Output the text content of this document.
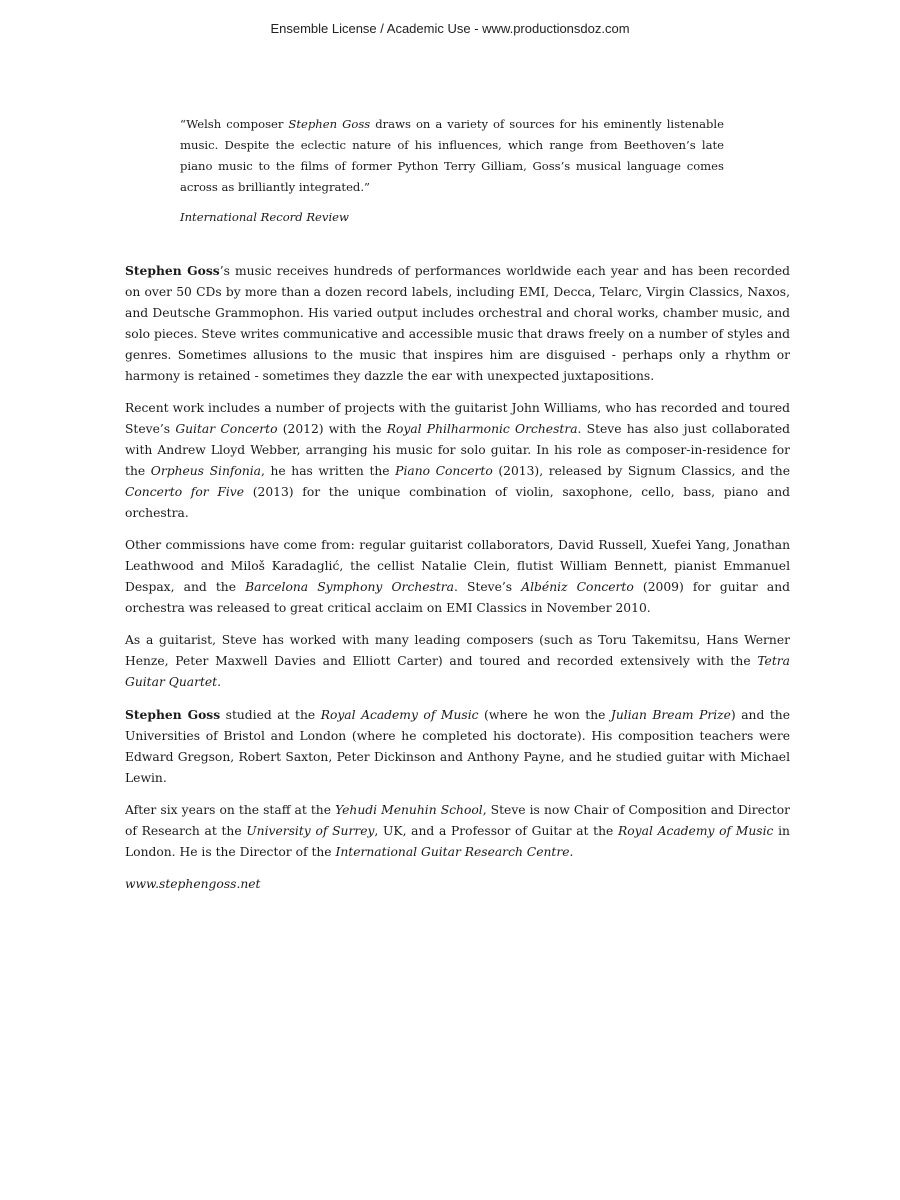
Ensemble License / Academic Use - www.productionsdoz.com

“Welsh composer Stephen Goss draws on a variety of sources for his eminently listenable music. Despite the eclectic nature of his influences, which range from Beethoven’s late piano music to the films of former Python Terry Gilliam, Goss’s musical language comes across as brilliantly integrated.”

International Record Review

Stephen Goss’s music receives hundreds of performances worldwide each year and has been recorded on over 50 CDs by more than a dozen record labels, including EMI, Decca, Telarc, Virgin Classics, Naxos, and Deutsche Grammophon. His varied output includes orchestral and choral works, chamber music, and solo pieces. Steve writes communicative and accessible music that draws freely on a number of styles and genres. Sometimes allusions to the music that inspires him are disguised - perhaps only a rhythm or harmony is retained - sometimes they dazzle the ear with unexpected juxtapositions.

Recent work includes a number of projects with the guitarist John Williams, who has recorded and toured Steve’s Guitar Concerto (2012) with the Royal Philharmonic Orchestra. Steve has also just collaborated with Andrew Lloyd Webber, arranging his music for solo guitar. In his role as composer-in-residence for the Orpheus Sinfonia, he has written the Piano Concerto (2013), released by Signum Classics, and the Concerto for Five (2013) for the unique combination of violin, saxophone, cello, bass, piano and orchestra.

Other commissions have come from: regular guitarist collaborators, David Russell, Xuefei Yang, Jonathan Leathwood and Miloš Karadaglić, the cellist Natalie Clein, flutist William Bennett, pianist Emmanuel Despax, and the Barcelona Symphony Orchestra. Steve’s Albéniz Concerto (2009) for guitar and orchestra was released to great critical acclaim on EMI Classics in November 2010.

As a guitarist, Steve has worked with many leading composers (such as Toru Takemitsu, Hans Werner Henze, Peter Maxwell Davies and Elliott Carter) and toured and recorded extensively with the Tetra Guitar Quartet.

Stephen Goss studied at the Royal Academy of Music (where he won the Julian Bream Prize) and the Universities of Bristol and London (where he completed his doctorate). His composition teachers were Edward Gregson, Robert Saxton, Peter Dickinson and Anthony Payne, and he studied guitar with Michael Lewin.

After six years on the staff at the Yehudi Menuhin School, Steve is now Chair of Composition and Director of Research at the University of Surrey, UK, and a Professor of Guitar at the Royal Academy of Music in London. He is the Director of the International Guitar Research Centre.

www.stephengoss.net
